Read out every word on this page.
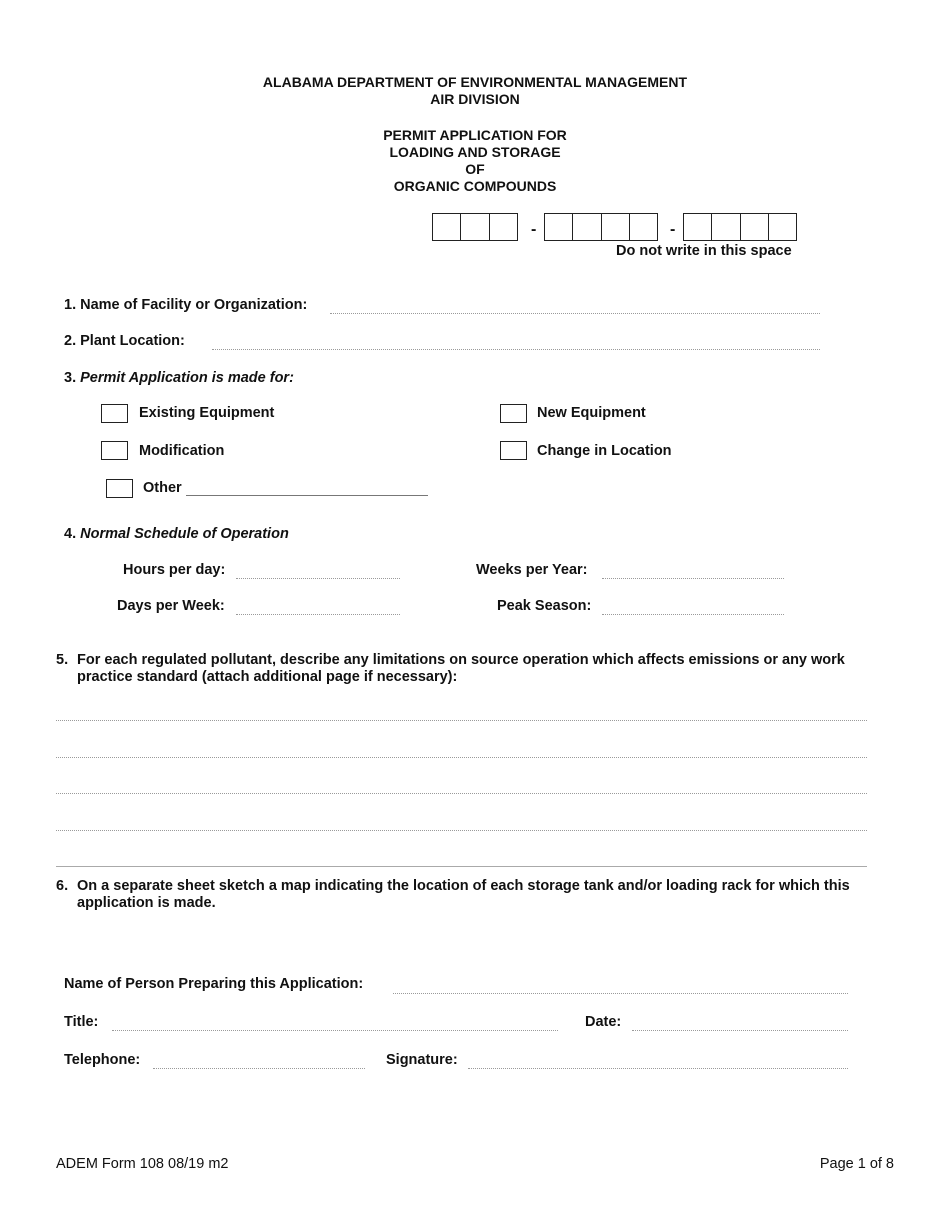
ALABAMA DEPARTMENT OF ENVIRONMENTAL MANAGEMENT
AIR DIVISION
PERMIT APPLICATION FOR
LOADING AND STORAGE
OF
ORGANIC COMPOUNDS
-	-
Do not write in this space
1. Name of Facility or Organization:
2. Plant Location:
3. Permit Application is made for:
Existing Equipment	New Equipment
Modification	Change in Location
Other
4. Normal Schedule of Operation
Hours per day:	Weeks per Year:
Days per Week:	Peak Season:
5. For each regulated pollutant, describe any limitations on source operation which affects emissions or any work
practice standard (attach additional page if necessary):
6. On a separate sheet sketch a map indicating the location of each storage tank and/or loading rack for which this
application is made.
Name of Person Preparing this Application:
Title:	Date:
Telephone:	Signature:
ADEM Form 108 08/19 m2	Page 1 of 8
